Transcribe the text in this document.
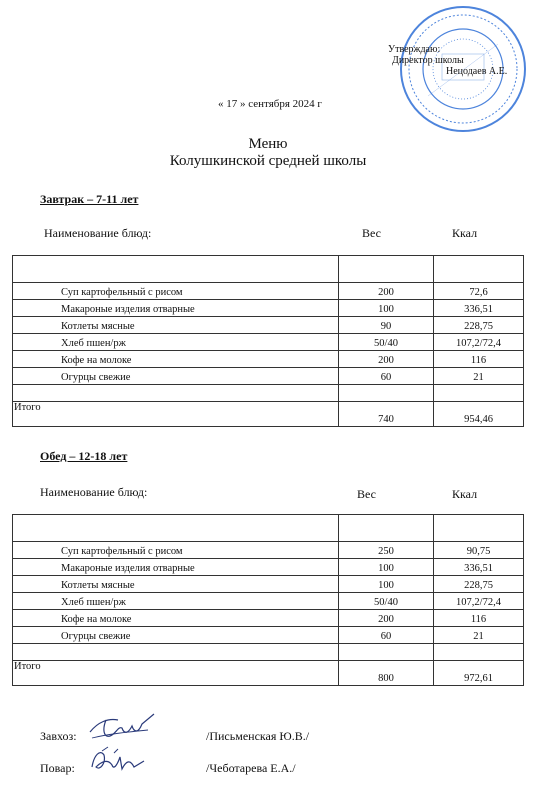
Утверждаю:
Директор школы
Нецодаев А.Е.
« 17 » сентября 2024 г
Меню
Колушкинской средней школы
Завтрак – 7-11 лет
Наименование блюд:	Вес	Ккал

Суп картофельный с рисом	200	72,6
Макароные изделия отварные	100	336,51
Котлеты мясные	90	228,75
Хлеб пшен/рж	50/40	107,2/72,4
Кофе на молоке	200	116
Огурцы свежие	60	21

Итого	740	954,46
Обед – 12-18 лет
Наименование блюд:	Вес	Ккал

Суп картофельный с рисом	250	90,75
Макароные изделия отварные	100	336,51
Котлеты мясные	100	228,75
Хлеб пшен/рж	50/40	107,2/72,4
Кофе на молоке	200	116
Огурцы свежие	60	21

Итого	800	972,61
Завхоз:	/Письменская Ю.В./
Повар:	/Чеботарева Е.А./
